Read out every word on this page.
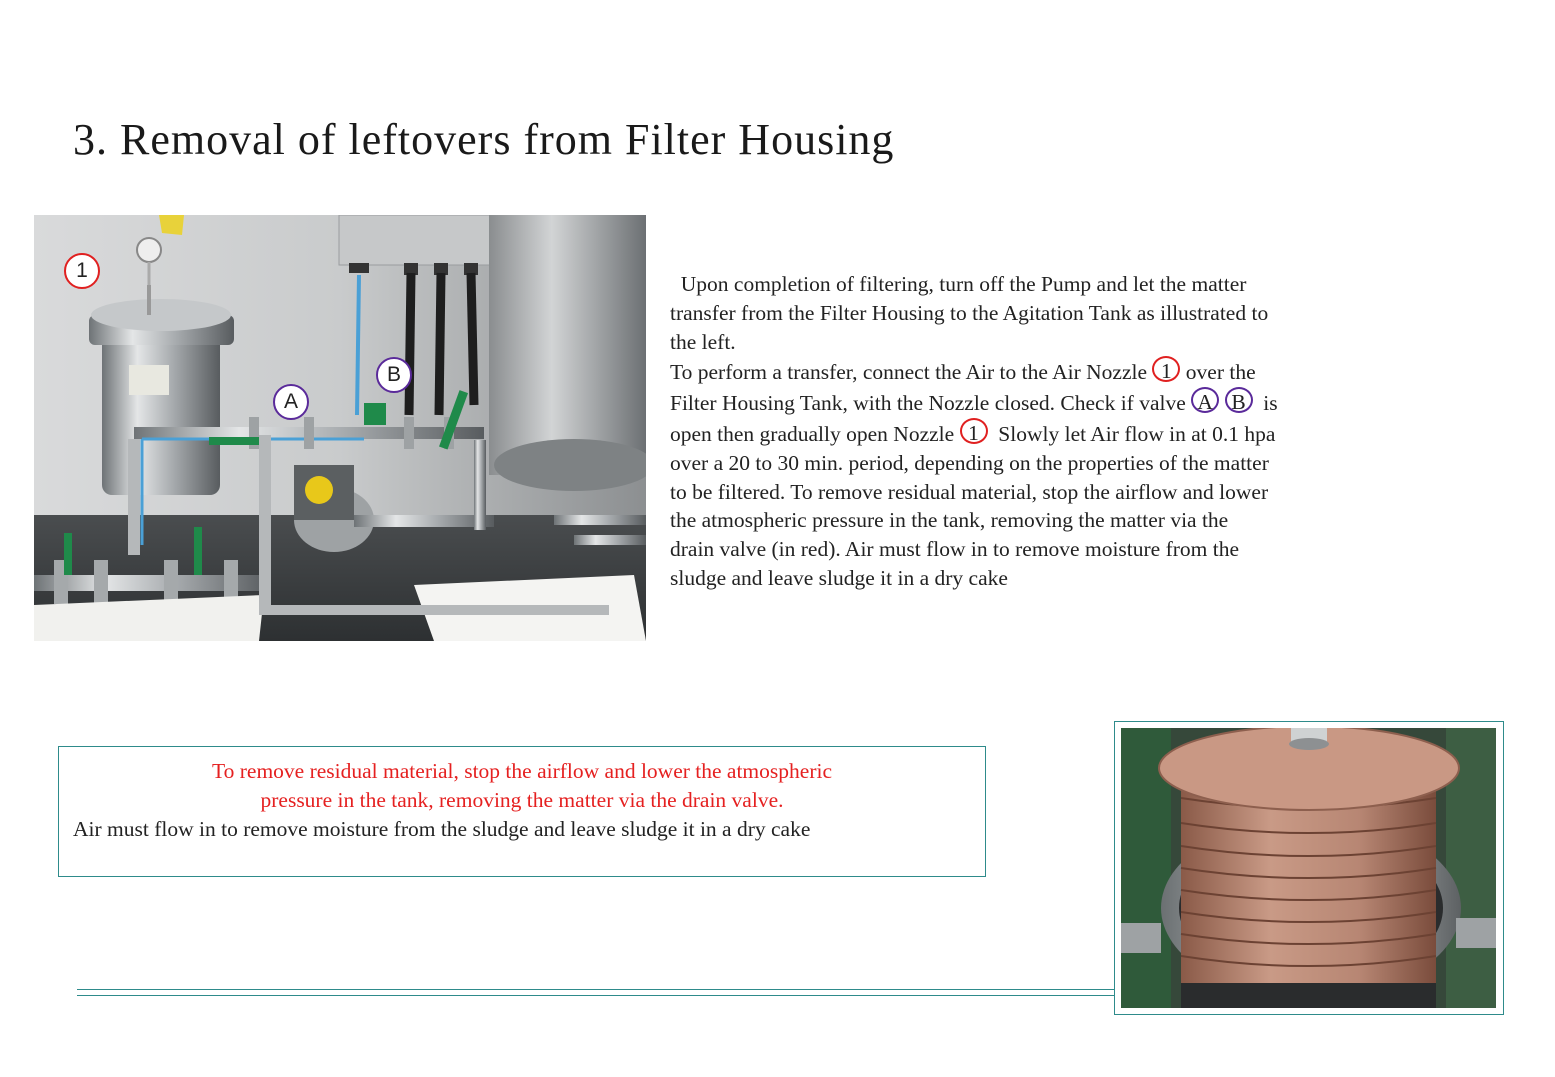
3. Removal of leftovers from Filter Housing
1
A
B
Upon completion of filtering, turn off the Pump and let the matter
transfer from the Filter Housing to the Agitation Tank as illustrated to
the left.
To perform a transfer, connect the Air to the Air Nozzle 1 over the
Filter Housing Tank, with the Nozzle closed. Check if valve A B is
open then gradually open Nozzle 1 Slowly let Air flow in at 0.1 hpa
over a 20 to 30 min. period, depending on the properties of the matter
to be filtered. To remove residual material, stop the airflow and lower
the atmospheric pressure in the tank, removing the matter via the
drain valve (in red). Air must flow in to remove moisture from the
sludge and leave sludge it in a dry cake
To remove residual material, stop the airflow and lower the atmospheric
pressure in the tank, removing the matter via the drain valve.
Air must flow in to remove moisture from the sludge and leave sludge it in a dry cake
